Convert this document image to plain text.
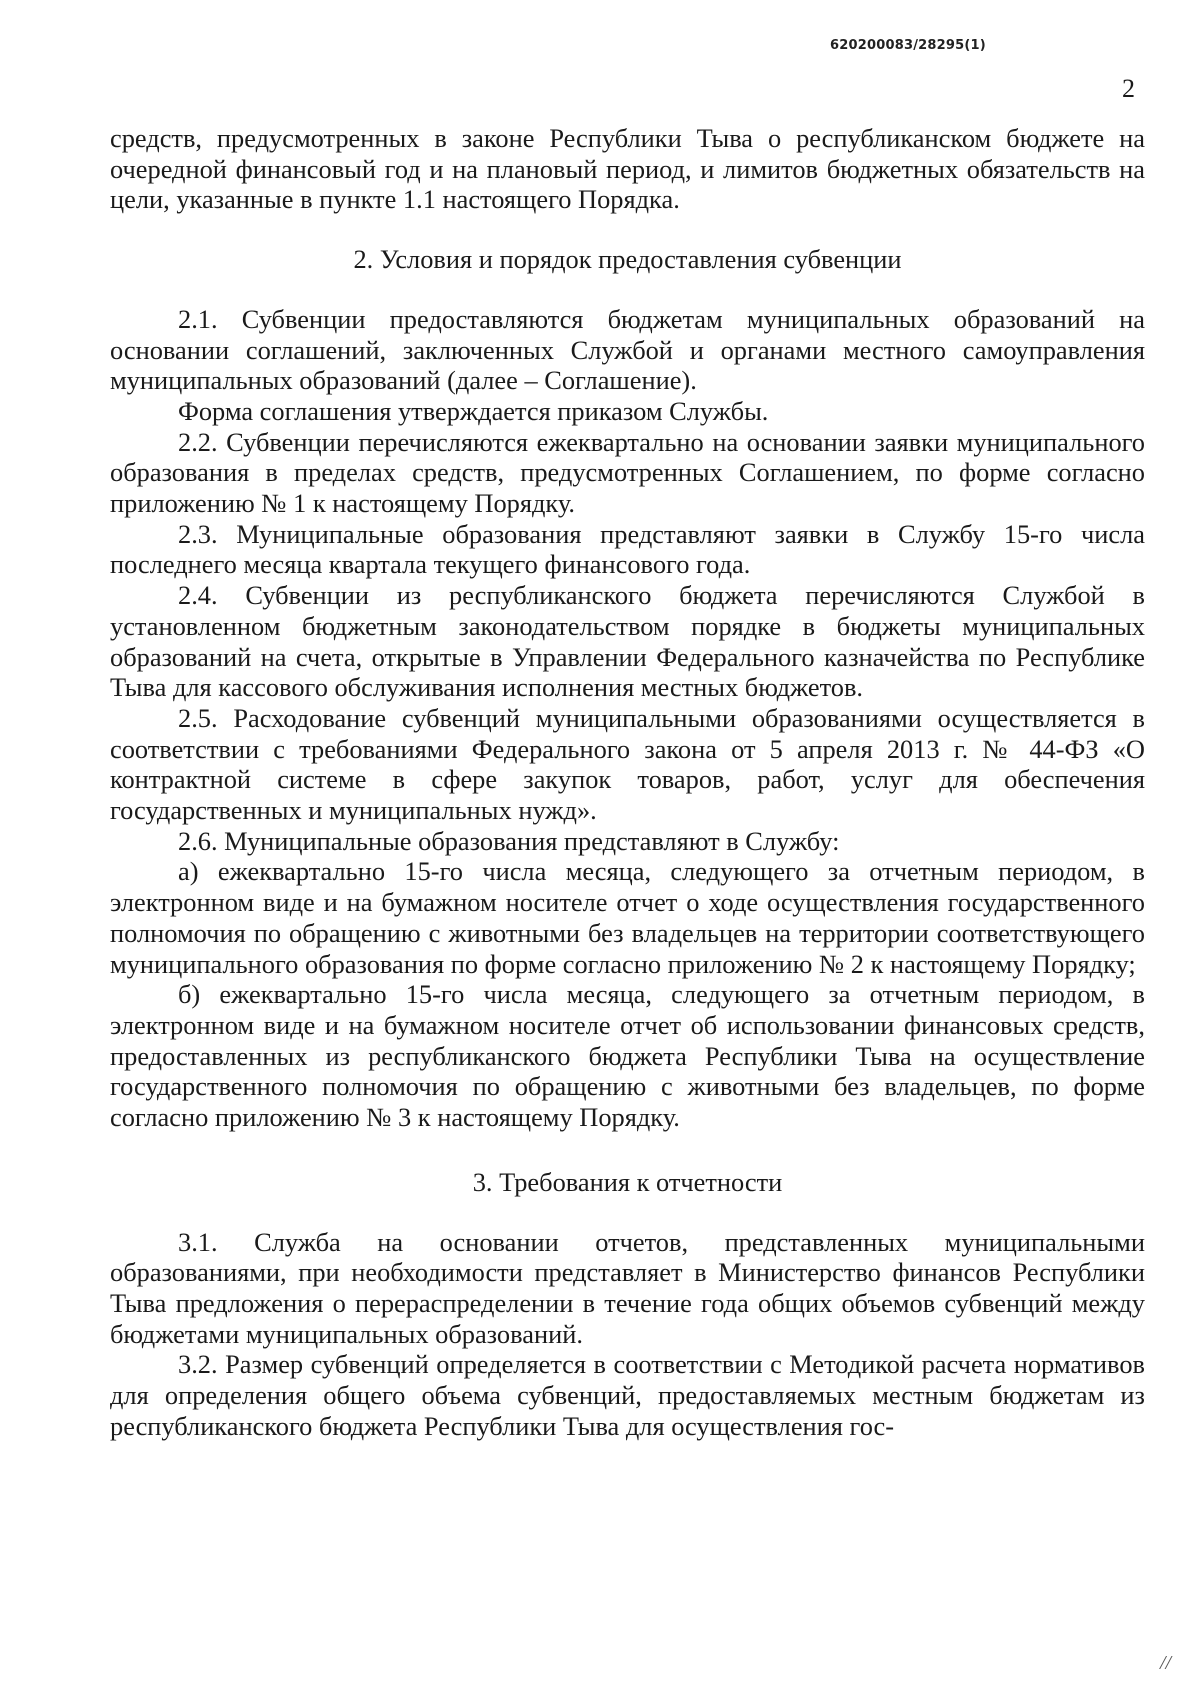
620200083/28295(1)
2

средств, предусмотренных в законе Республики Тыва о республиканском бюджете на очередной финансовый год и на плановый период, и лимитов бюджетных обязательств на цели, указанные в пункте 1.1 настоящего Порядка.

2. Условия и порядок предоставления субвенции

2.1. Субвенции предоставляются бюджетам муниципальных образований на основании соглашений, заключенных Службой и органами местного самоуправления муниципальных образований (далее – Соглашение).

Форма соглашения утверждается приказом Службы.

2.2. Субвенции перечисляются ежеквартально на основании заявки муниципального образования в пределах средств, предусмотренных Соглашением, по форме согласно приложению № 1 к настоящему Порядку.

2.3. Муниципальные образования представляют заявки в Службу 15-го числа последнего месяца квартала текущего финансового года.

2.4. Субвенции из республиканского бюджета перечисляются Службой в установленном бюджетным законодательством порядке в бюджеты муниципальных образований на счета, открытые в Управлении Федерального казначейства по Республике Тыва для кассового обслуживания исполнения местных бюджетов.

2.5. Расходование субвенций муниципальными образованиями осуществляется в соответствии с требованиями Федерального закона от 5 апреля 2013 г. № 44-ФЗ «О контрактной системе в сфере закупок товаров, работ, услуг для обеспечения государственных и муниципальных нужд».

2.6. Муниципальные образования представляют в Службу:

а) ежеквартально 15-го числа месяца, следующего за отчетным периодом, в электронном виде и на бумажном носителе отчет о ходе осуществления государственного полномочия по обращению с животными без владельцев на территории соответствующего муниципального образования по форме согласно приложению № 2 к настоящему Порядку;

б) ежеквартально 15-го числа месяца, следующего за отчетным периодом, в электронном виде и на бумажном носителе отчет об использовании финансовых средств, предоставленных из республиканского бюджета Республики Тыва на осуществление государственного полномочия по обращению с животными без владельцев, по форме согласно приложению № 3 к настоящему Порядку.

3. Требования к отчетности

3.1. Служба на основании отчетов, представленных муниципальными образованиями, при необходимости представляет в Министерство финансов Республики Тыва предложения о перераспределении в течение года общих объемов субвенций между бюджетами муниципальных образований.

3.2. Размер субвенций определяется в соответствии с Методикой расчета нормативов для определения общего объема субвенций, предоставляемых местным бюджетам из республиканского бюджета Республики Тыва для осуществления гос-

//
